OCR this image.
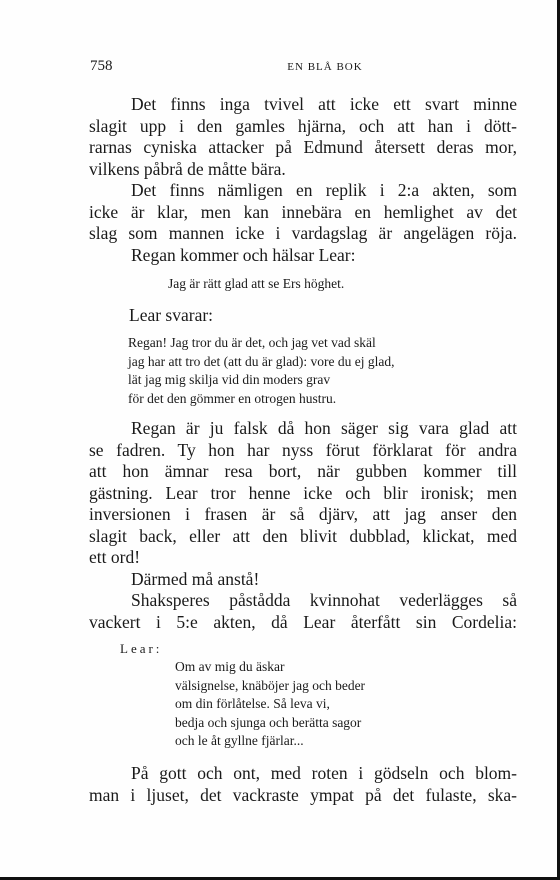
758	EN BLÅ BOK
Det finns inga tvivel att icke ett svart minne
slagit upp i den gamles hjärna, och att han i dött-
rarnas cyniska attacker på Edmund återsett deras mor,
vilkens påbrå de måtte bära.
Det finns nämligen en replik i 2:a akten, som
icke är klar, men kan innebära en hemlighet av det
slag som mannen icke i vardagslag är angelägen röja.
Regan kommer och hälsar Lear:
Jag är rätt glad att se Ers höghet.
Lear svarar:
Regan! Jag tror du är det, och jag vet vad skäl
jag har att tro det (att du är glad): vore du ej glad,
lät jag mig skilja vid din moders grav
för det den gömmer en otrogen hustru.
Regan är ju falsk då hon säger sig vara glad att
se fadren. Ty hon har nyss förut förklarat för andra
att hon ämnar resa bort, när gubben kommer till
gästning. Lear tror henne icke och blir ironisk; men
inversionen i frasen är så djärv, att jag anser den
slagit back, eller att den blivit dubblad, klickat, med
ett ord!
Därmed må anstå!
Shaksperes påstådda kvinnohat vederlägges så
vackert i 5:e akten, då Lear återfått sin Cordelia:
Lear:
Om av mig du äskar
välsignelse, knäböjer jag och beder
om din förlåtelse. Så leva vi,
bedja och sjunga och berätta sagor
och le åt gyllne fjärlar...
På gott och ont, med roten i gödseln och blom-
man i ljuset, det vackraste ympat på det fulaste, ska-
